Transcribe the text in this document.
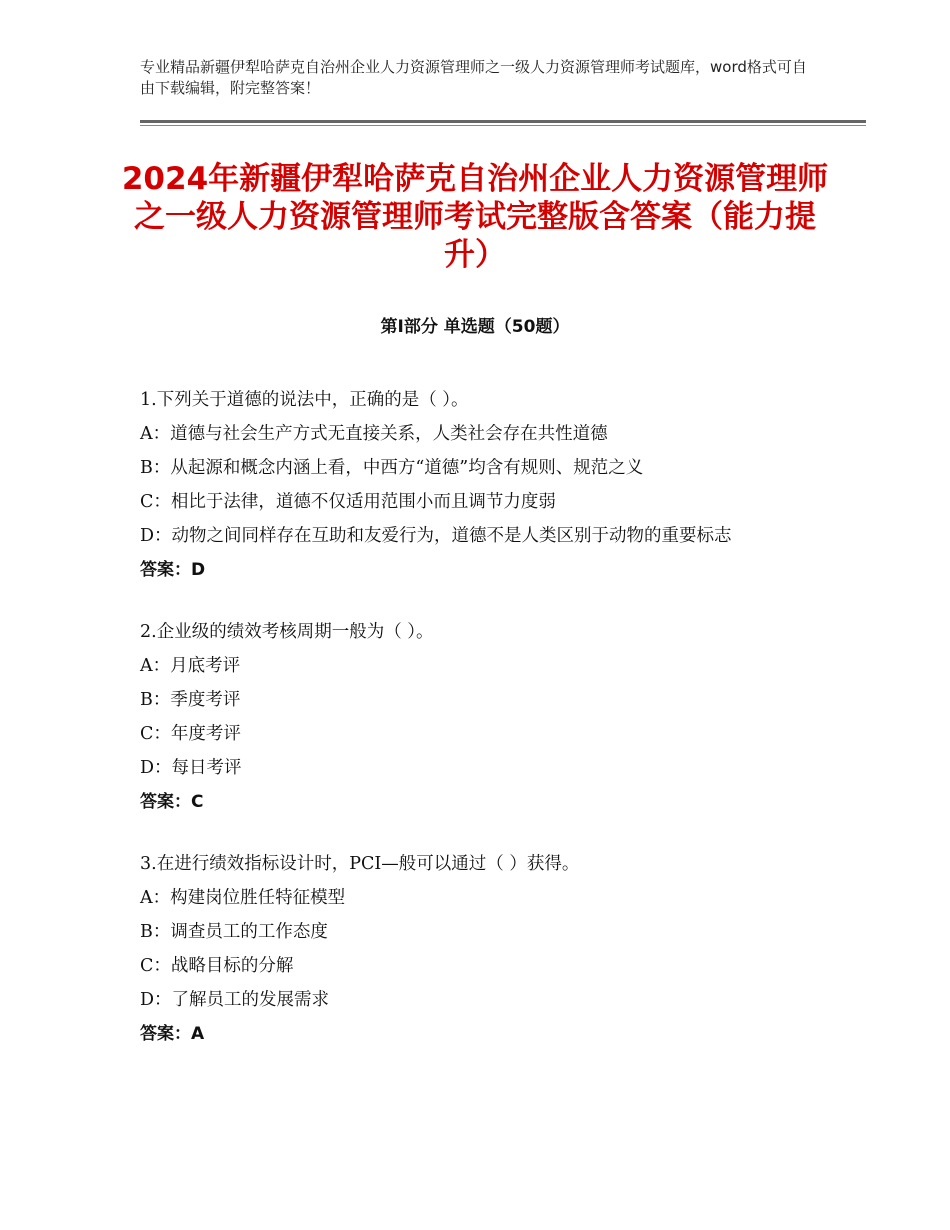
专业精品新疆伊犁哈萨克自治州企业人力资源管理师之一级人力资源管理师考试题库，word格式可自由下载编辑，附完整答案！
2024年新疆伊犁哈萨克自治州企业人力资源管理师之一级人力资源管理师考试完整版含答案（能力提升）
第Ⅰ部分 单选题（50题）
1.下列关于道德的说法中，正确的是（ ）。
A：道德与社会生产方式无直接关系，人类社会存在共性道德
B：从起源和概念内涵上看，中西方“道德”均含有规则、规范之义
C：相比于法律，道德不仅适用范围小而且调节力度弱
D：动物之间同样存在互助和友爱行为，道德不是人类区别于动物的重要标志
答案：D
2.企业级的绩效考核周期一般为（ ）。
A：月底考评
B：季度考评
C：年度考评
D：每日考评
答案：C
3.在进行绩效指标设计时，PCI—般可以通过（ ）获得。
A：构建岗位胜任特征模型
B：调查员工的工作态度
C：战略目标的分解
D：了解员工的发展需求
答案：A
